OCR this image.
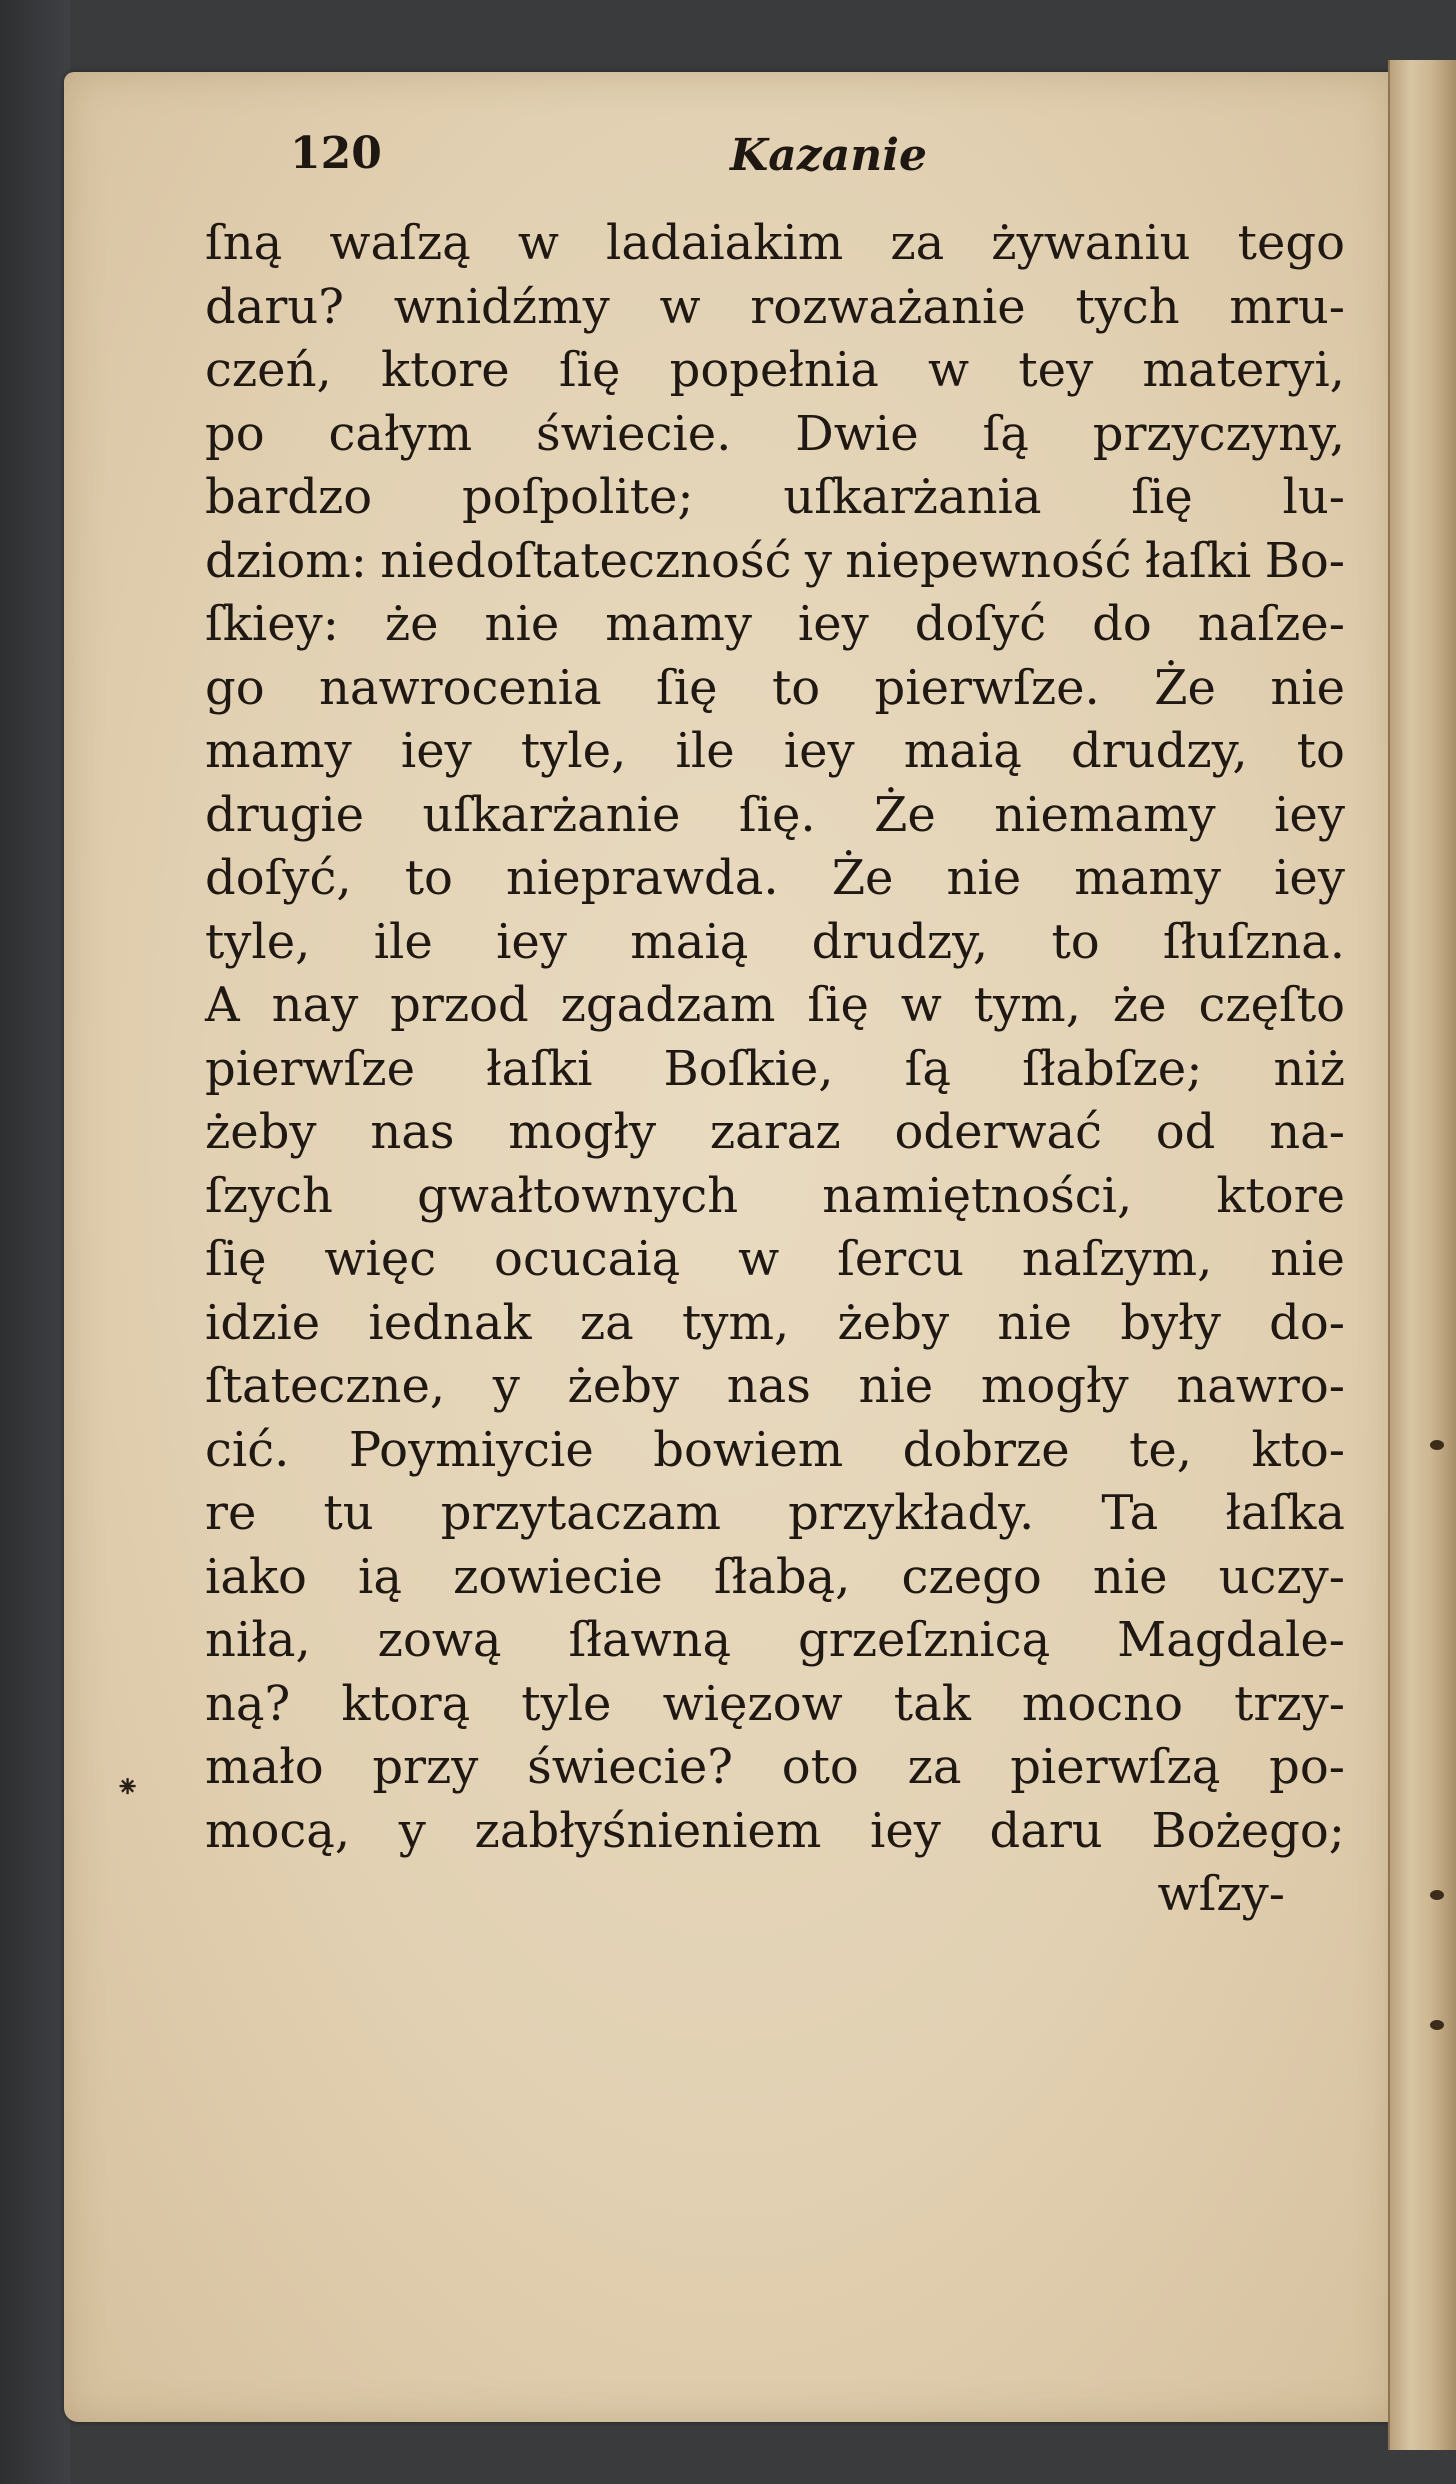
120	Kazanie
⁕
ſną waſzą w ladaiakim za żywaniu tego
daru? wnidźmy w rozważanie tych mru-
czeń, ktore ſię popełnia w tey materyi,
po całym świecie. Dwie ſą przyczyny,
bardzo poſpolite; uſkarżania ſię lu-
dziom: niedoſtateczność y niepewność łaſki Bo-
ſkiey: że nie mamy iey doſyć do naſze-
go nawrocenia ſię to pierwſze. Że nie
mamy iey tyle, ile iey maią drudzy, to
drugie uſkarżanie ſię. Że niemamy iey
doſyć, to nieprawda. Że nie mamy iey
tyle, ile iey maią drudzy, to ſłuſzna.
A nay przod zgadzam ſię w tym, że częſto
pierwſze łaſki Boſkie, ſą ſłabſze; niż
żeby nas mogły zaraz oderwać od na-
ſzych gwałtownych namiętności, ktore
ſię więc ocucaią w ſercu naſzym, nie
idzie iednak za tym, żeby nie były do-
ſtateczne, y żeby nas nie mogły nawro-
cić. Poymiycie bowiem dobrze te, kto-
re tu przytaczam przykłady. Ta łaſka
iako ią zowiecie ſłabą, czego nie uczy-
niła, zową ſławną grzeſznicą Magdale-
ną? ktorą tyle więzow tak mocno trzy-
mało przy świecie? oto za pierwſzą po-
mocą, y zabłyśnieniem iey daru Bożego;
wſzy-
